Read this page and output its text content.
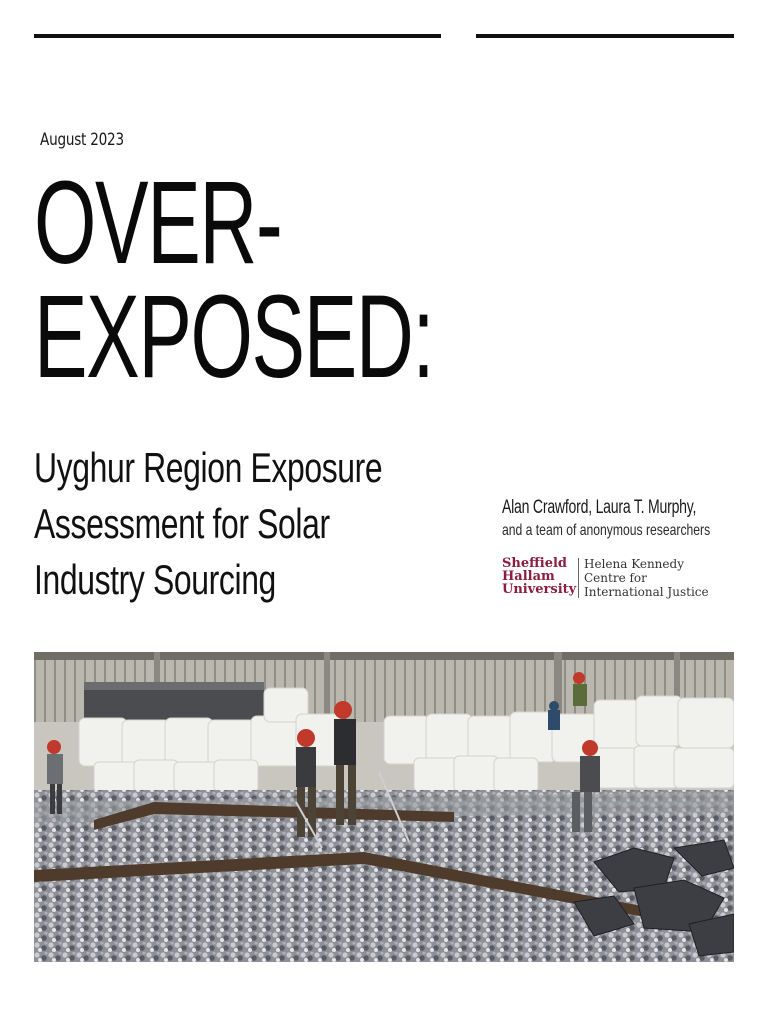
August 2023
OVER-
EXPOSED:
Uyghur Region Exposure
Assessment for Solar
Industry Sourcing
Alan Crawford, Laura T. Murphy,
and a team of anonymous researchers
Sheffield
Hallam
University
Helena Kennedy
Centre for
International Justice
